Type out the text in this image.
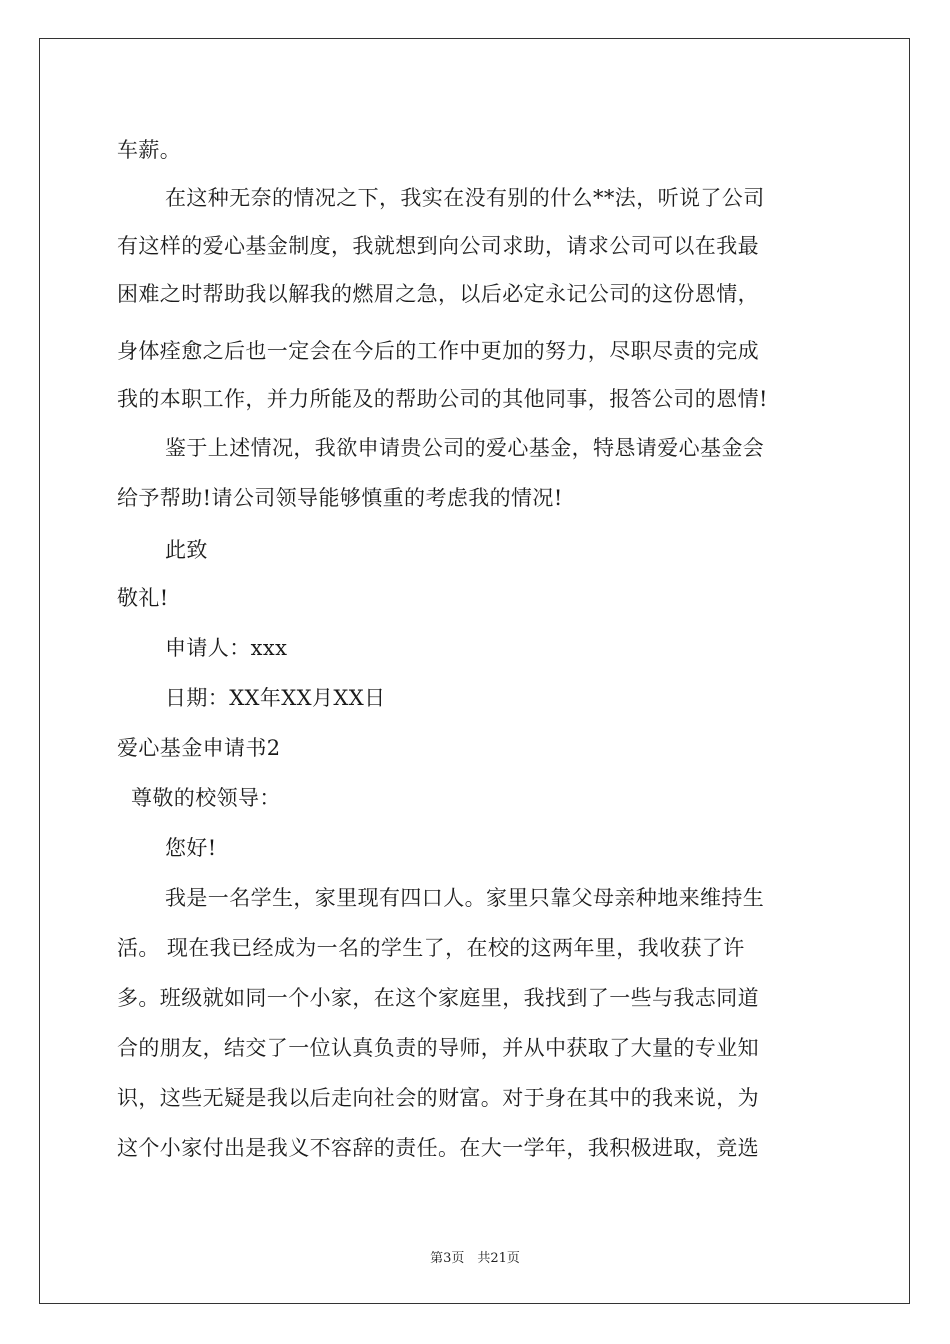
车薪。
在这种无奈的情况之下，我实在没有别的什么**法，听说了公司
有这样的爱心基金制度，我就想到向公司求助，请求公司可以在我最
困难之时帮助我以解我的燃眉之急，以后必定永记公司的这份恩情，
身体痊愈之后也一定会在今后的工作中更加的努力，尽职尽责的完成
我的本职工作，并力所能及的帮助公司的其他同事，报答公司的恩情!
鉴于上述情况，我欲申请贵公司的爱心基金，特恳请爱心基金会
给予帮助!请公司领导能够慎重的考虑我的情况!
此致
敬礼!
申请人：xxx
日期：XX年XX月XX日
爱心基金申请书2
尊敬的校领导：
您好!
我是一名学生，家里现有四口人。家里只靠父母亲种地来维持生
活。 现在我已经成为一名的学生了，在校的这两年里，我收获了许
多。班级就如同一个小家，在这个家庭里，我找到了一些与我志同道
合的朋友，结交了一位认真负责的导师，并从中获取了大量的专业知
识，这些无疑是我以后走向社会的财富。对于身在其中的我来说，为
这个小家付出是我义不容辞的责任。在大一学年，我积极进取，竞选
第3页　共21页
